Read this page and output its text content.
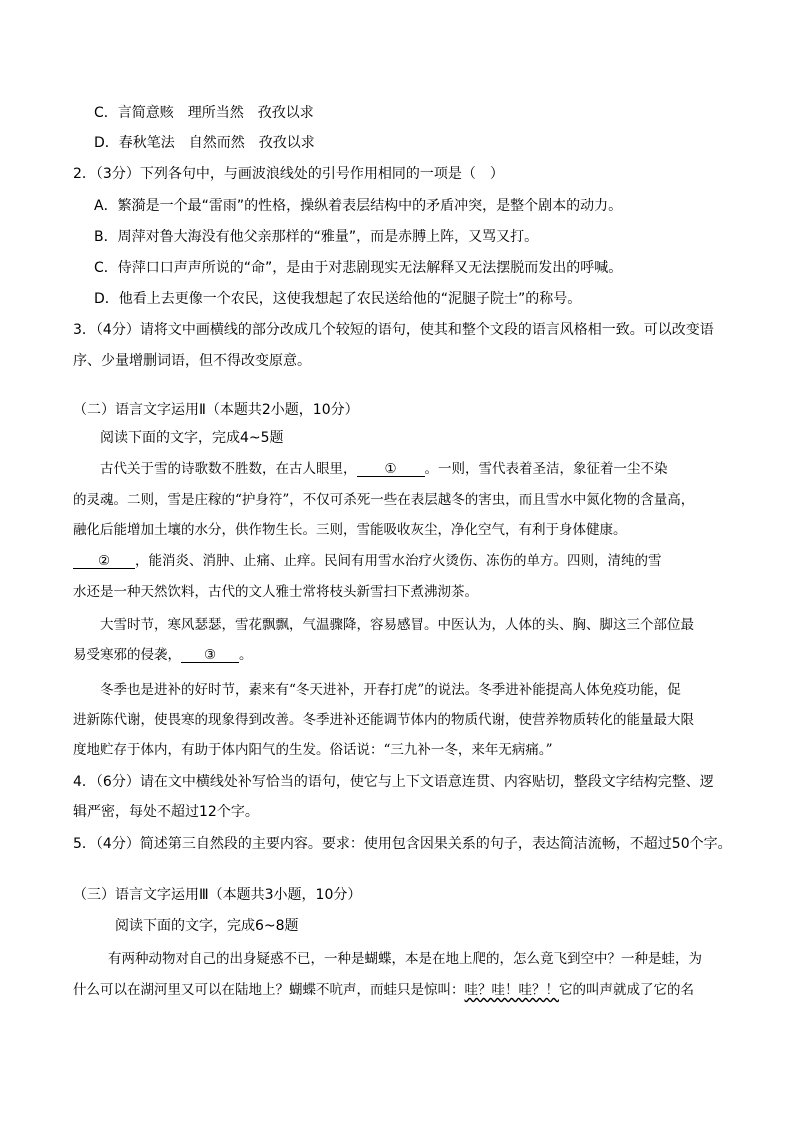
C．言简意赅　理所当然　孜孜以求
D．春秋笔法　自然而然　孜孜以求
2．（3分）下列各句中，与画波浪线处的引号作用相同的一项是（　）
A．繁漪是一个最“雷雨”的性格，操纵着表层结构中的矛盾冲突，是整个剧本的动力。
B．周萍对鲁大海没有他父亲那样的“雅量”，而是赤膊上阵，又骂又打。
C．侍萍口口声声所说的“命”，是由于对悲剧现实无法解释又无法摆脱而发出的呼喊。
D．他看上去更像一个农民，这使我想起了农民送给他的“泥腿子院士”的称号。
3．（4分）请将文中画横线的部分改成几个较短的语句，使其和整个文段的语言风格相一致。可以改变语
序、少量增删词语，但不得改变原意。
（二）语言文字运用Ⅱ（本题共2小题，10分）
阅读下面的文字，完成4~5题
古代关于雪的诗歌数不胜数，在古人眼里， ① 。一则，雪代表着圣洁，象征着一尘不染
的灵魂。二则，雪是庄稼的“护身符”，不仅可杀死一些在表层越冬的害虫，而且雪水中氮化物的含量高，
融化后能增加土壤的水分，供作物生长。三则，雪能吸收灰尘，净化空气，有利于身体健康。
② ，能消炎、消肿、止痛、止痒。民间有用雪水治疗火烫伤、冻伤的单方。四则，清纯的雪
水还是一种天然饮料，古代的文人雅士常将枝头新雪扫下煮沸沏茶。
大雪时节，寒风瑟瑟，雪花飘飘，气温骤降，容易感冒。中医认为，人体的头、胸、脚这三个部位最
易受寒邪的侵袭， ③ 。
冬季也是进补的好时节，素来有“冬天进补，开春打虎”的说法。冬季进补能提高人体免疫功能，促
进新陈代谢，使畏寒的现象得到改善。冬季进补还能调节体内的物质代谢，使营养物质转化的能量最大限
度地贮存于体内，有助于体内阳气的生发。俗话说：“三九补一冬，来年无病痛。”
4．（6分）请在文中横线处补写恰当的语句，使它与上下文语意连贯、内容贴切，整段文字结构完整、逻
辑严密，每处不超过12个字。
5．（4分）简述第三自然段的主要内容。要求：使用包含因果关系的句子，表达简洁流畅，不超过50个字。
（三）语言文字运用Ⅲ（本题共3小题，10分）
阅读下面的文字，完成6~8题
有两种动物对自己的出身疑惑不已，一种是蝴蝶，本是在地上爬的，怎么竟飞到空中？一种是蛙，为
什么可以在湖河里又可以在陆地上？蝴蝶不吭声，而蛙只是惊叫：哇？哇！哇？！它的叫声就成了它的名
